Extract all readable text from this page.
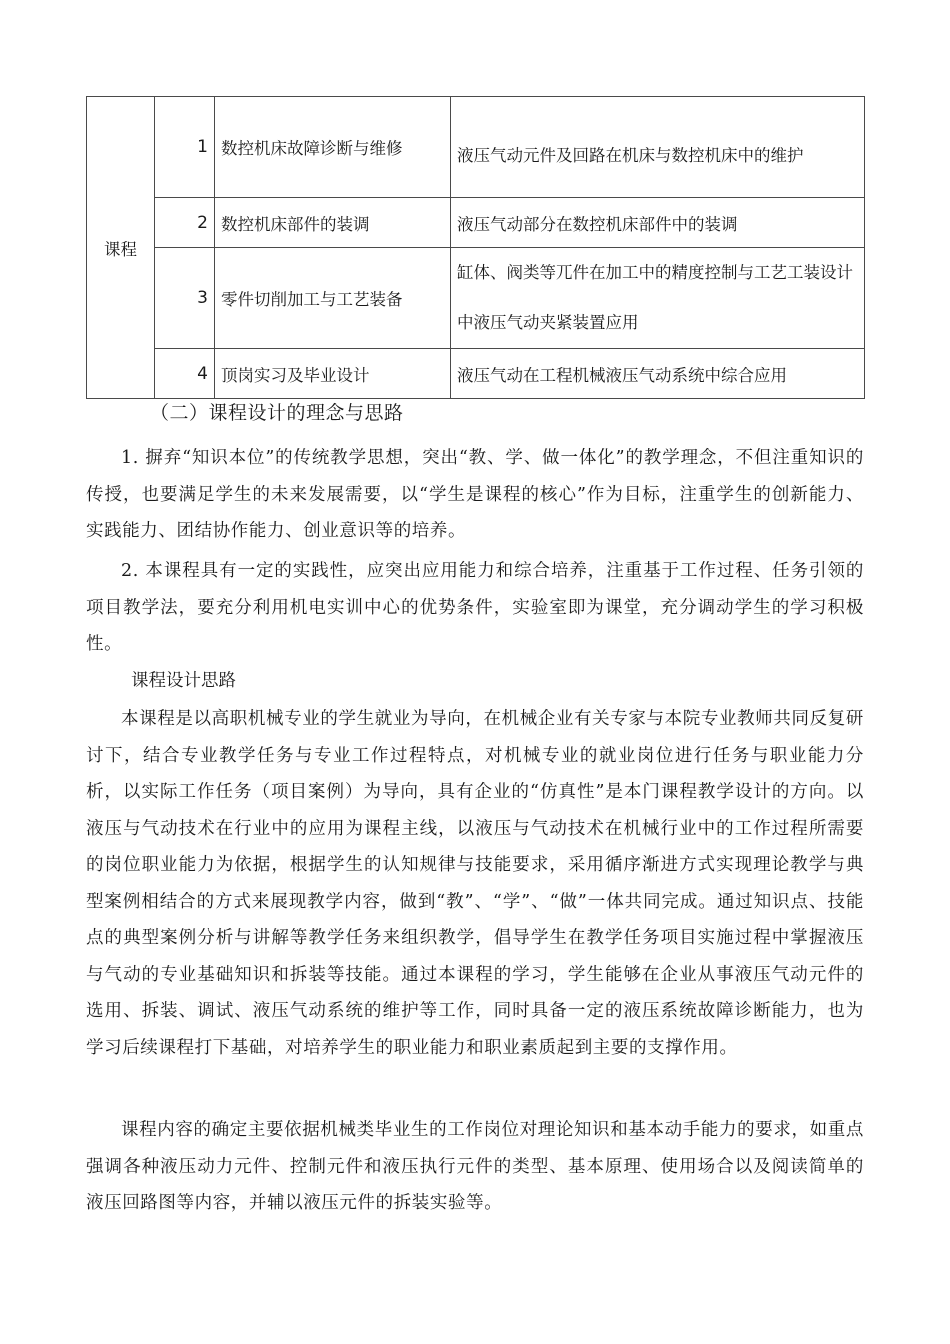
课程	1	数控机床故障诊断与维修	液压气动元件及回路在机床与数控机床中的维护
	2	数控机床部件的装调	液压气动部分在数控机床部件中的装调
	3	零件切削加工与工艺装备	缸体、阀类等兀件在加工中的精度控制与工艺工装设计中液压气动夹紧装置应用
	4	顶岗实习及毕业设计	液压气动在工程机械液压气动系统中综合应用
（二）课程设计的理念与思路

1. 摒弃“知识本位”的传统教学思想，突出“教、学、做一体化”的教学理念，不但注重知识的传授，也要满足学生的未来发展需要，以“学生是课程的核心”作为目标，注重学生的创新能力、实践能力、团结协作能力、创业意识等的培养。

2. 本课程具有一定的实践性，应突出应用能力和综合培养，注重基于工作过程、任务引领的项目教学法，要充分利用机电实训中心的优势条件，实验室即为课堂，充分调动学生的学习积极性。

课程设计思路

本课程是以高职机械专业的学生就业为导向，在机械企业有关专家与本院专业教师共同反复研讨下，结合专业教学任务与专业工作过程特点，对机械专业的就业岗位进行任务与职业能力分析，以实际工作任务（项目案例）为导向，具有企业的“仿真性”是本门课程教学设计的方向。以液压与气动技术在行业中的应用为课程主线，以液压与气动技术在机械行业中的工作过程所需要的岗位职业能力为依据，根据学生的认知规律与技能要求，采用循序渐进方式实现理论教学与典型案例相结合的方式来展现教学内容，做到“教”、“学”、“做”一体共同完成。通过知识点、技能点的典型案例分析与讲解等教学任务来组织教学，倡导学生在教学任务项目实施过程中掌握液压与气动的专业基础知识和拆装等技能。通过本课程的学习，学生能够在企业从事液压气动元件的选用、拆装、调试、液压气动系统的维护等工作，同时具备一定的液压系统故障诊断能力，也为学习后续课程打下基础，对培养学生的职业能力和职业素质起到主要的支撑作用。

课程内容的确定主要依据机械类毕业生的工作岗位对理论知识和基本动手能力的要求，如重点强调各种液压动力元件、控制元件和液压执行元件的类型、基本原理、使用场合以及阅读简单的液压回路图等内容，并辅以液压元件的拆装实验等。
